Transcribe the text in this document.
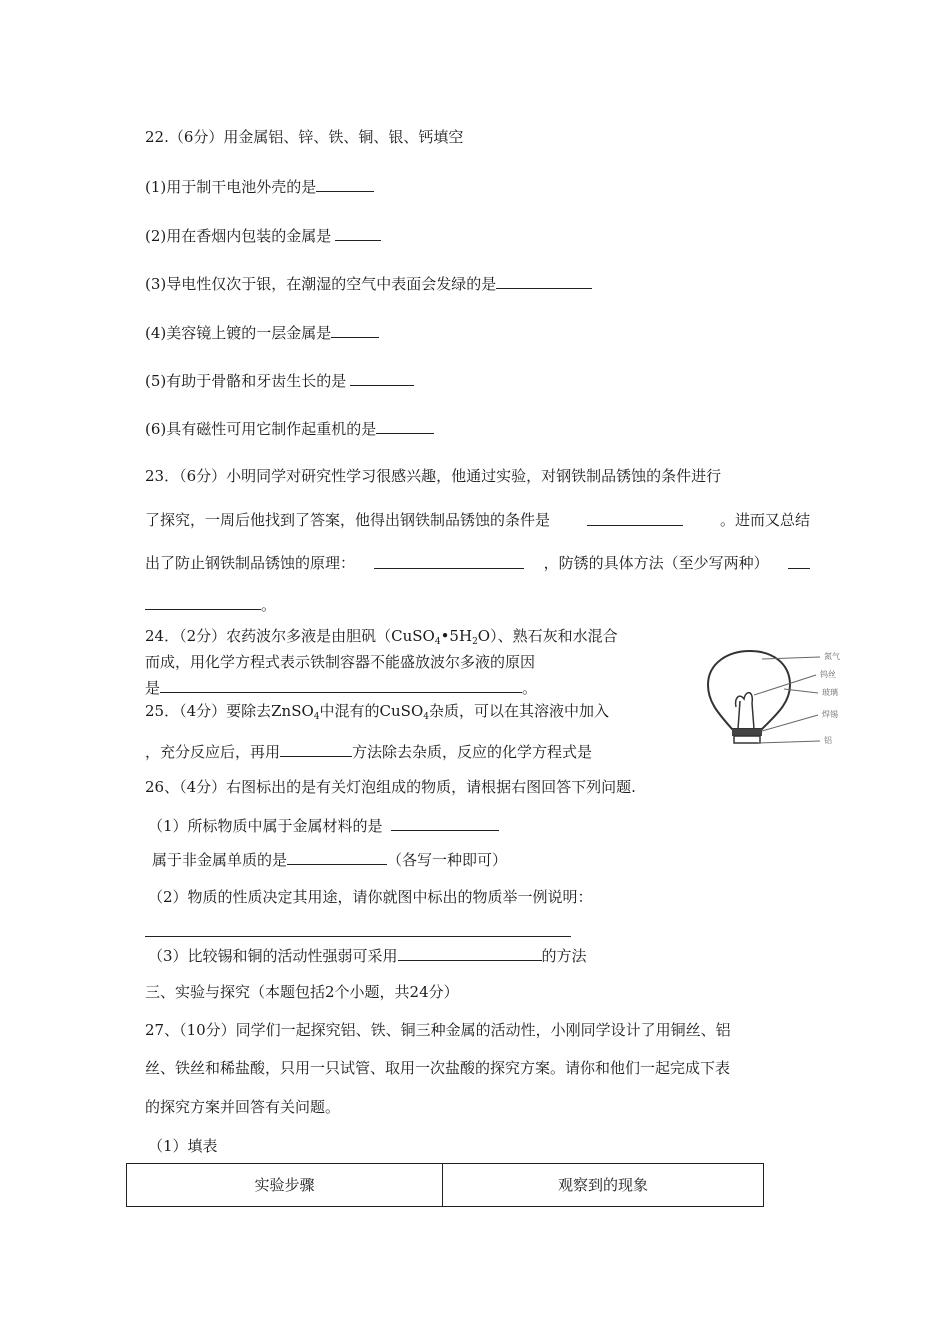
22.（6分）用金属铝、锌、铁、铜、银、钙填空
(1)用于制干电池外壳的是
(2)用在香烟内包装的金属是
(3)导电性仅次于银，在潮湿的空气中表面会发绿的是
(4)美容镜上镀的一层金属是
(5)有助于骨骼和牙齿生长的是
(6)具有磁性可用它制作起重机的是
23．（6分）小明同学对研究性学习很感兴趣，他通过实验，对钢铁制品锈蚀的条件进行
了探究，一周后他找到了答案，他得出钢铁制品锈蚀的条件是	。进而又总结
出了防止钢铁制品锈蚀的原理：	，防锈的具体方法（至少写两种）
。
24．（2分）农药波尔多液是由胆矾$(CuSO_4•5H_2O)$、熟石灰和水混合
而成，用化学方程式表示铁制容器不能盛放波尔多液的原因
是	。
25．（4分）要除去ZnSO$_4$中混有的CuSO$_4$杂质，可以在其溶液中加入
，充分反应后，再用	方法除去杂质，反应的化学方程式是
氮气
钨丝
玻璃
焊锡
铝
26、（4分）右图标出的是有关灯泡组成的物质，请根据右图回答下列问题.
（1）所标物质中属于金属材料的是
属于非金属单质的是	（各写一种即可）
（2）物质的性质决定其用途，请你就图中标出的物质举一例说明：
（3）比较锡和铜的活动性强弱可采用	的方法
三、实验与探究（本题包括2个小题，共24分）
27、（10分）同学们一起探究铝、铁、铜三种金属的活动性，小刚同学设计了用铜丝、铝
丝、铁丝和稀盐酸，只用一只试管、取用一次盐酸的探究方案。请你和他们一起完成下表
的探究方案并回答有关问题。
（1）填表
实验步骤	观察到的现象
